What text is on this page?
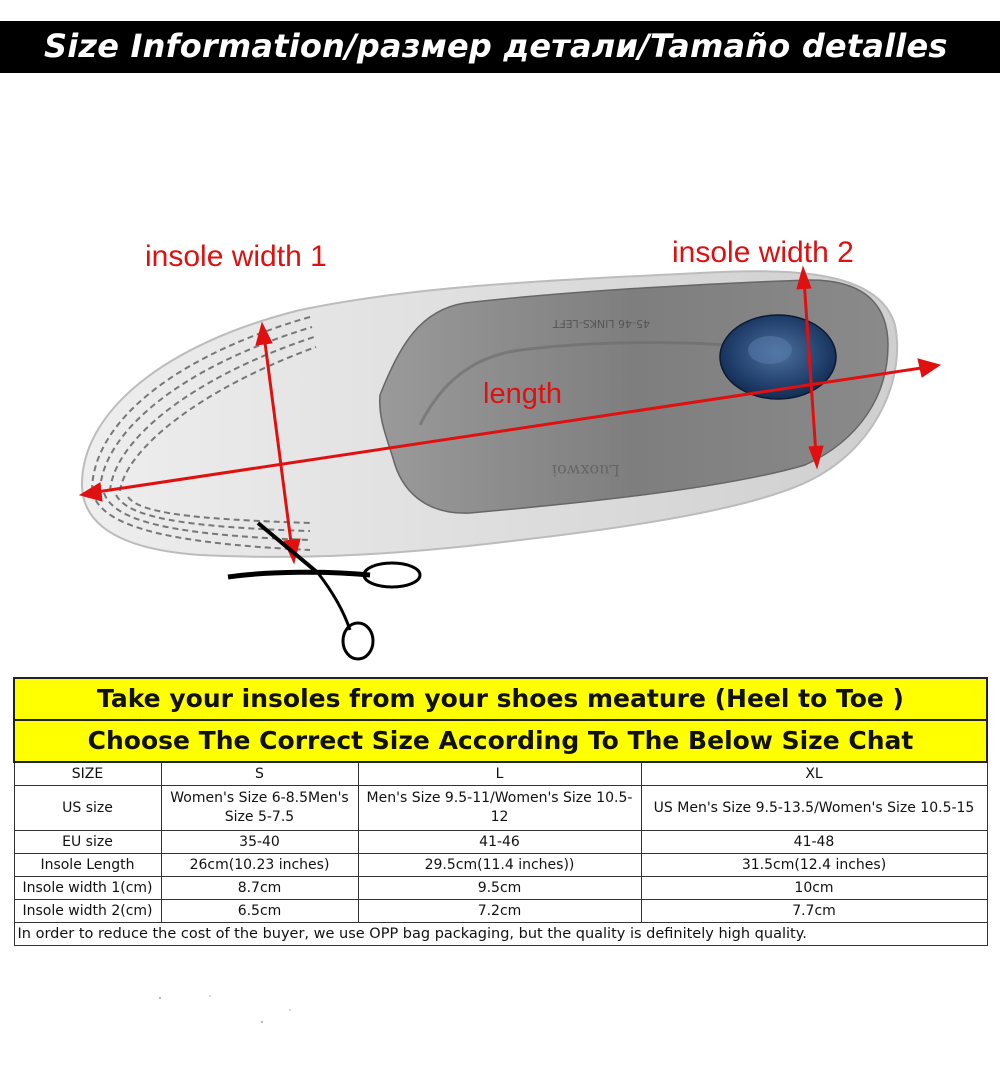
Size Information/размер детали/Tamaño detalles
45-46 LINKS-LEFT
Luoxwoi
insole width 1	insole width 2
length
Take your insoles from your shoes meature (Heel to Toe )			
Choose The Correct Size According To The Below Size Chat			
SIZE	S	L	XL
US size	Women's Size 6-8.5Men's Size 5-7.5	Men's Size 9.5-11/Women's Size 10.5-12	US Men's Size 9.5-13.5/Women's Size 10.5-15
EU size	35-40	41-46	41-48
Insole Length	26cm(10.23 inches)	29.5cm(11.4 inches))	31.5cm(12.4 inches)
Insole width 1(cm)	8.7cm	9.5cm	10cm
Insole width 2(cm)	6.5cm	7.2cm	7.7cm
In order to reduce the cost of the buyer, we use OPP bag packaging, but the quality is definitely high quality.			
